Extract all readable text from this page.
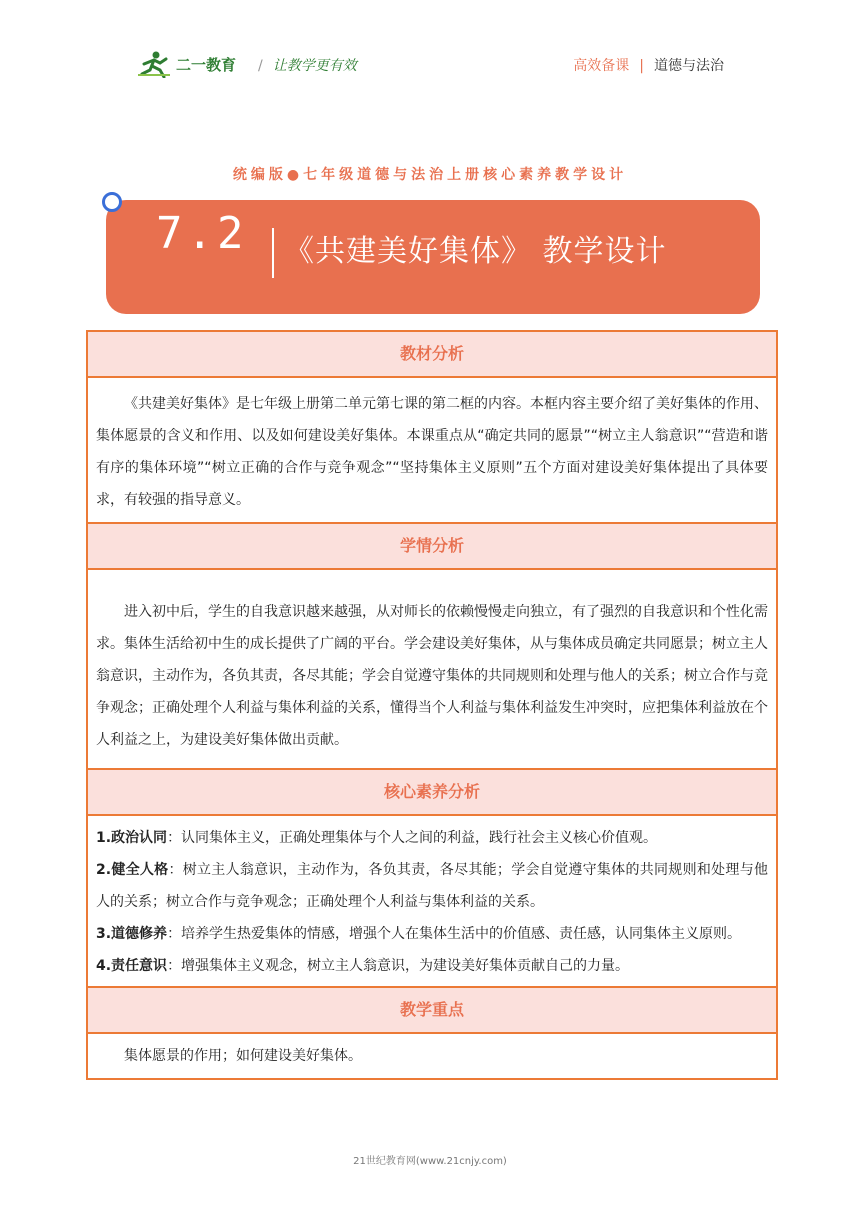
二一教育 / 让教学更有效	高效备课 | 道德与法治
统编版●七年级道德与法治上册核心素养教学设计
7.2 《共建美好集体》 教学设计
教材分析
《共建美好集体》是七年级上册第二单元第七课的第二框的内容。本框内容主要介绍了美好集体的作用、集体愿景的含义和作用、以及如何建设美好集体。本课重点从“确定共同的愿景”“树立主人翁意识”“营造和谐有序的集体环境”“树立正确的合作与竞争观念”“坚持集体主义原则”五个方面对建设美好集体提出了具体要求，有较强的指导意义。
学情分析
进入初中后，学生的自我意识越来越强，从对师长的依赖慢慢走向独立，有了强烈的自我意识和个性化需求。集体生活给初中生的成长提供了广阔的平台。学会建设美好集体，从与集体成员确定共同愿景；树立主人翁意识，主动作为，各负其责，各尽其能；学会自觉遵守集体的共同规则和处理与他人的关系；树立合作与竞争观念；正确处理个人利益与集体利益的关系，懂得当个人利益与集体利益发生冲突时，应把集体利益放在个人利益之上，为建设美好集体做出贡献。
核心素养分析
1.政治认同：认同集体主义，正确处理集体与个人之间的利益，践行社会主义核心价值观。
2.健全人格：树立主人翁意识，主动作为，各负其责，各尽其能；学会自觉遵守集体的共同规则和处理与他人的关系；树立合作与竞争观念；正确处理个人利益与集体利益的关系。
3.道德修养：培养学生热爱集体的情感，增强个人在集体生活中的价值感、责任感，认同集体主义原则。
4.责任意识：增强集体主义观念，树立主人翁意识，为建设美好集体贡献自己的力量。
教学重点
集体愿景的作用；如何建设美好集体。
21世纪教育网(www.21cnjy.com)
